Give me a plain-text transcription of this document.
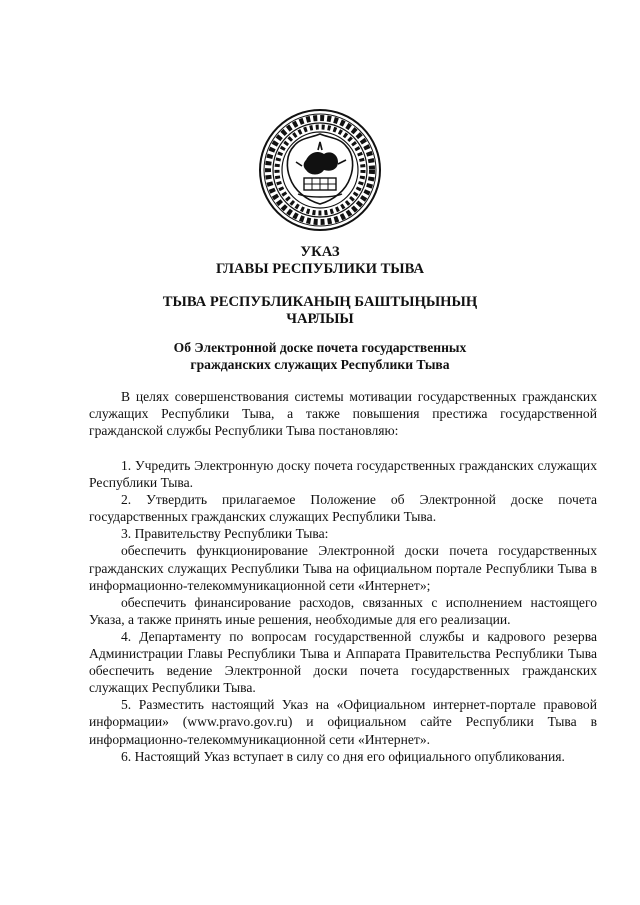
УКАЗ
ГЛАВЫ РЕСПУБЛИКИ ТЫВА
ТЫВА РЕСПУБЛИКАНЫҢ БАШТЫҢЫНЫҢ
ЧАРЛЫЫ
Об Электронной доске почета государственных
гражданских служащих Республики Тыва

В целях совершенствования системы мотивации государственных гражданских служащих Республики Тыва, а также повышения престижа государственной гражданской службы Республики Тыва постановляю:

1. Учредить Электронную доску почета государственных гражданских служащих Республики Тыва.

2. Утвердить прилагаемое Положение об Электронной доске почета государственных гражданских служащих Республики Тыва.

3. Правительству Республики Тыва:

обеспечить функционирование Электронной доски почета государственных гражданских служащих Республики Тыва на официальном портале Республики Тыва в информационно-телекоммуникационной сети «Интернет»;

обеспечить финансирование расходов, связанных с исполнением настоящего Указа, а также принять иные решения, необходимые для его реализации.

4. Департаменту по вопросам государственной службы и кадрового резерва Администрации Главы Республики Тыва и Аппарата Правительства Республики Тыва обеспечить ведение Электронной доски почета государственных гражданских служащих Республики Тыва.

5. Разместить настоящий Указ на «Официальном интернет-портале правовой информации» (www.pravo.gov.ru) и официальном сайте Республики Тыва в информационно-телекоммуникационной сети «Интернет».

6. Настоящий Указ вступает в силу со дня его официального опубликования.
